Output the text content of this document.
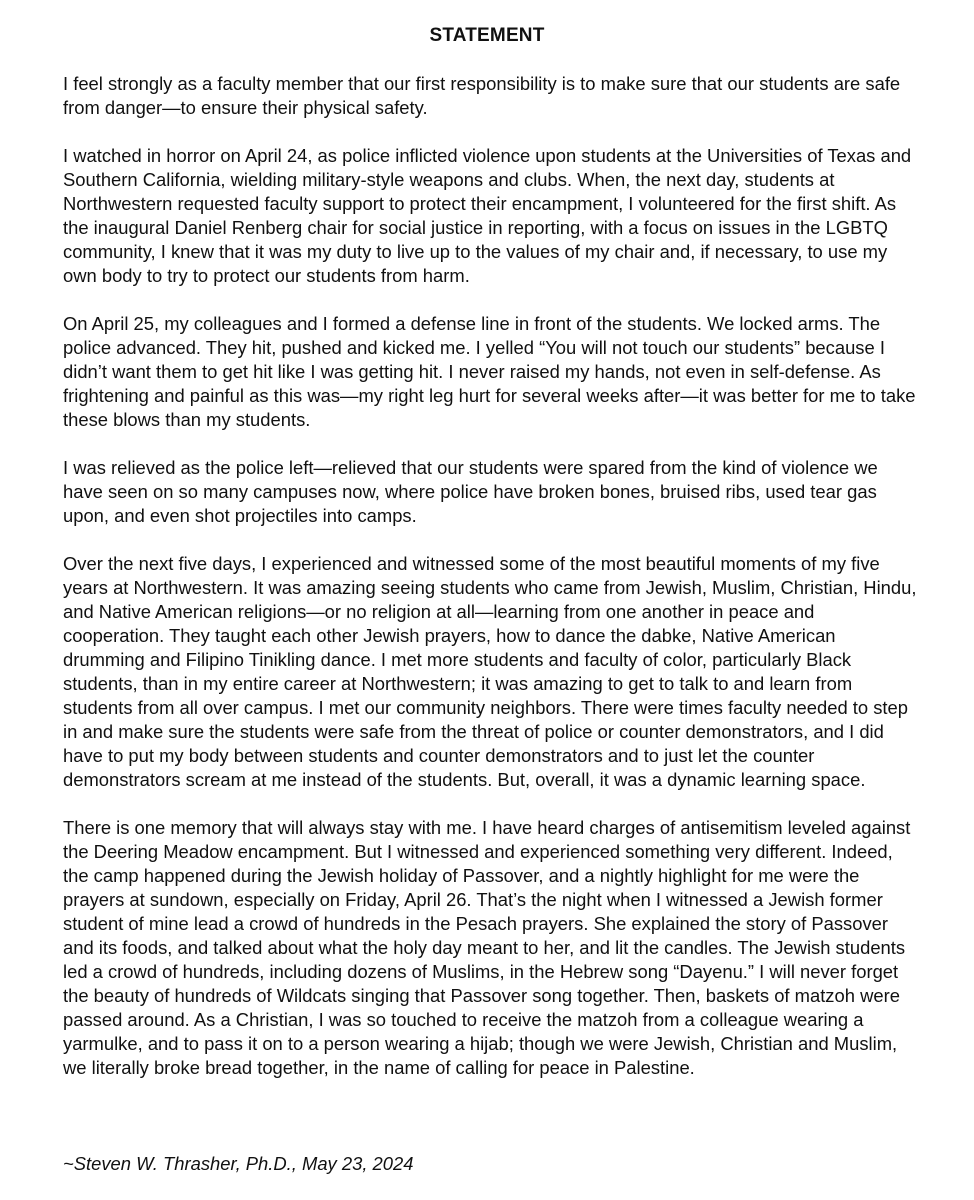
STATEMENT

I feel strongly as a faculty member that our first responsibility is to make sure that our students are safe from danger—to ensure their physical safety.

I watched in horror on April 24, as police inflicted violence upon students at the Universities of Texas and Southern California, wielding military-style weapons and clubs. When, the next day, students at Northwestern requested faculty support to protect their encampment, I volunteered for the first shift. As the inaugural Daniel Renberg chair for social justice in reporting, with a focus on issues in the LGBTQ community, I knew that it was my duty to live up to the values of my chair and, if necessary, to use my own body to try to protect our students from harm.

On April 25, my colleagues and I formed a defense line in front of the students. We locked arms. The police advanced. They hit, pushed and kicked me. I yelled “You will not touch our students” because I didn’t want them to get hit like I was getting hit. I never raised my hands, not even in self-defense. As frightening and painful as this was—my right leg hurt for several weeks after—it was better for me to take these blows than my students.

I was relieved as the police left—relieved that our students were spared from the kind of violence we have seen on so many campuses now, where police have broken bones, bruised ribs, used tear gas upon, and even shot projectiles into camps.

Over the next five days, I experienced and witnessed some of the most beautiful moments of my five years at Northwestern. It was amazing seeing students who came from Jewish, Muslim, Christian, Hindu, and Native American religions—or no religion at all—learning from one another in peace and cooperation. They taught each other Jewish prayers, how to dance the dabke, Native American drumming and Filipino Tinikling dance. I met more students and faculty of color, particularly Black students, than in my entire career at Northwestern; it was amazing to get to talk to and learn from students from all over campus. I met our community neighbors. There were times faculty needed to step in and make sure the students were safe from the threat of police or counter demonstrators, and I did have to put my body between students and counter demonstrators and to just let the counter demonstrators scream at me instead of the students. But, overall, it was a dynamic learning space.

There is one memory that will always stay with me. I have heard charges of antisemitism leveled against the Deering Meadow encampment. But I witnessed and experienced something very different. Indeed, the camp happened during the Jewish holiday of Passover, and a nightly highlight for me were the prayers at sundown, especially on Friday, April 26. That’s the night when I witnessed a Jewish former student of mine lead a crowd of hundreds in the Pesach prayers. She explained the story of Passover and its foods, and talked about what the holy day meant to her, and lit the candles. The Jewish students led a crowd of hundreds, including dozens of Muslims, in the Hebrew song “Dayenu.” I will never forget the beauty of hundreds of Wildcats singing that Passover song together. Then, baskets of matzoh were passed around. As a Christian, I was so touched to receive the matzoh from a colleague wearing a yarmulke, and to pass it on to a person wearing a hijab; though we were Jewish, Christian and Muslim, we literally broke bread together, in the name of calling for peace in Palestine.

~Steven W. Thrasher, Ph.D., May 23, 2024
